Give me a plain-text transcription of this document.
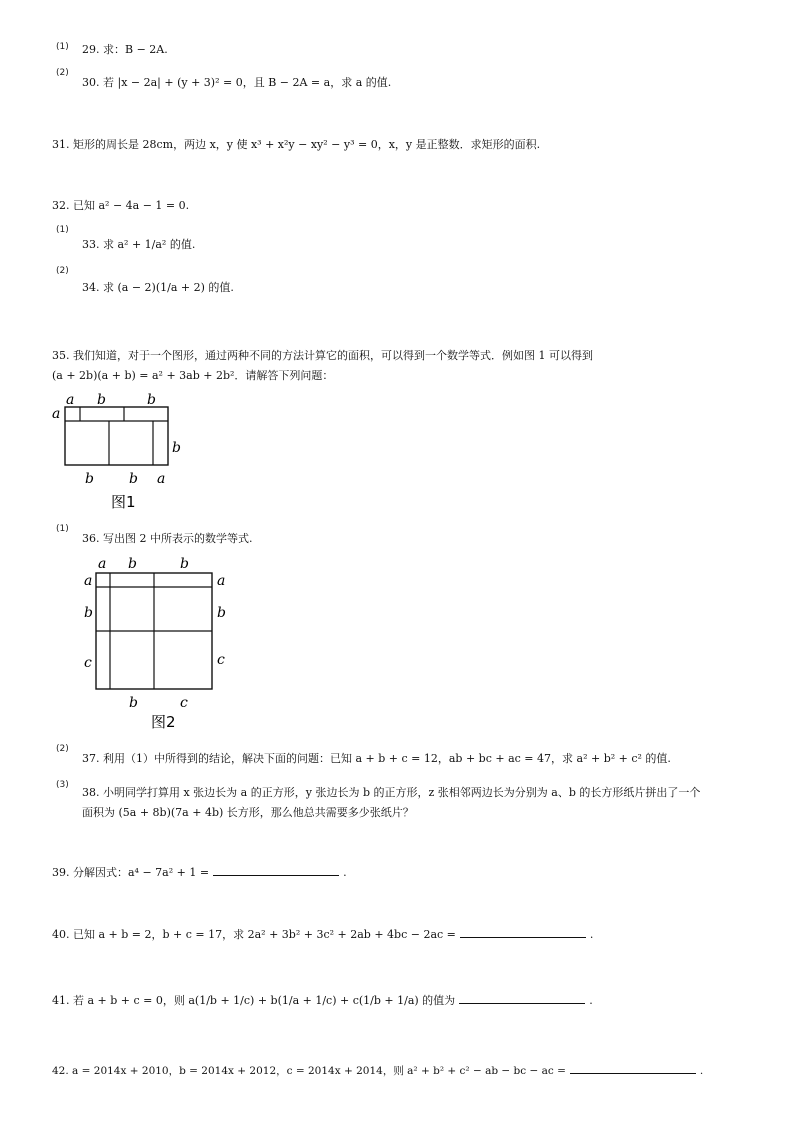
(1) 29. 求：B − 2A.
(2)
30. 若 |x − 2a| + (y + 3)² = 0，且 B − 2A = a，求 a 的值.
31. 矩形的周长是 28cm，两边 x，y 使 x³ + x²y − xy² − y³ = 0，x，y 是正整数．求矩形的面积.
32. 已知 a² − 4a − 1 = 0.
(1)
33. 求 a² + 1/a² 的值.
(2)
34. 求 (a − 2)(1/a + 2) 的值.
35. 我们知道，对于一个图形，通过两种不同的方法计算它的面积，可以得到一个数学等式．例如图 1 可以得到
(a + 2b)(a + b) = a² + 3ab + 2b²．请解答下列问题：
a b	b
a
b
b	b a
图1
(1)
36. 写出图 2 中所表示的数学等式.
a b	b
a
b
c
a
b
c
b	c
图2
(2)
37. 利用（1）中所得到的结论，解决下面的问题：已知 a + b + c = 12，ab + bc + ac = 47，求 a² + b² + c² 的值.
(3)
38. 小明同学打算用 x 张边长为 a 的正方形，y 张边长为 b 的正方形，z 张相邻两边长为分别为 a、b 的长方形纸片拼出了一个
面积为 (5a + 8b)(7a + 4b) 长方形，那么他总共需要多少张纸片？
39. 分解因式：a⁴ − 7a² + 1 =	.
40. 已知 a + b = 2，b + c = 17，求 2a² + 3b² + 3c² + 2ab + 4bc − 2ac =	.
41. 若 a + b + c = 0，则 a(1/b + 1/c) + b(1/a + 1/c) + c(1/b + 1/a) 的值为	.
42. a = 2014x + 2010，b = 2014x + 2012，c = 2014x + 2014，则 a² + b² + c² − ab − bc − ac =	.
